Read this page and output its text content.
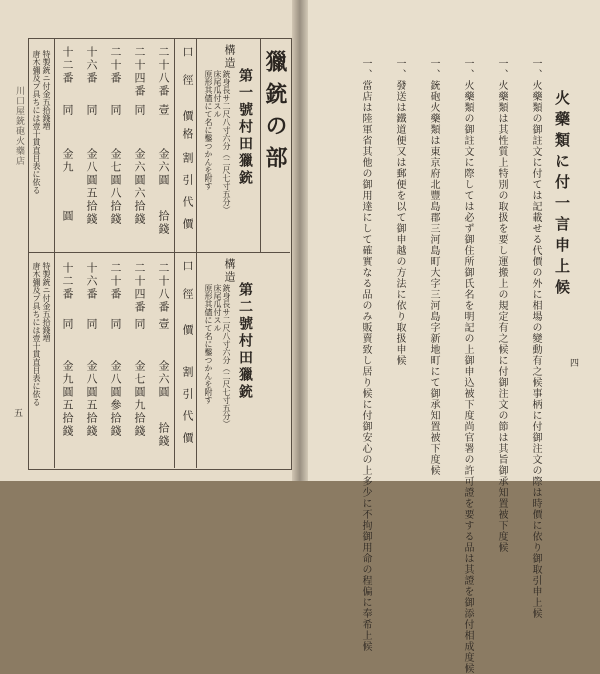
川口屋銃砲火藥店
五
獵銃の部
第一號村田獵銃
構造
銃身長サ二尺八寸六分（二尺七寸五分）
床尾瓜付スル
原形其儘にて名に鑿つかんを附す
口
徑
價
格
割
引
代
價
二十八番
壹
金六圓
拾錢
二十四番
同
金六圓六拾錢
二十番
同
金七圓八拾錢
十六番
同
金八圓五拾錢
十二番
同
金九
圓
特製銃ニ付金五拾錢増
唐木彌及プ具ちには壹十貫直目表に依る
第二號村田獵銃
構造
銃身長サ二尺八寸六分（二尺七寸五分）
床尾瓜付スル
原形其儘にて名に鑿つかんを附す
口
徑
價
割
引
代
價
二十八番
壹
金六圓
拾錢
二十四番
同
金七圓九拾錢
二十番
同
金八圓參拾錢
十六番
同
金八圓五拾錢
十二番
同
金九圓五拾錢
特製銃ニ付金五拾錢増
唐木彌及プ具ちには壹十貫直目表に依る
火藥類に付一言申上候
一、火藥類の御註文に付ては記載せる代價の外に相場の變動有之候事柄に付御注文の際は時價に依り御取引申上候
一、火藥類は其性質上特別の取扱を要し運搬上の規定有之候に付御注文の節は其旨御承知置被下度候
一、火藥類の御註文に際しては必ず御住所御氏名を明記の上御申込被下度尚官署の許可證を要する品は其證を御添付相成度候
一、銃砲火藥類は東京府北豐島郡三河島町大字三河島字新地町にて御承知置被下度候
一、發送は鐵道便又は郵便を以て御申越の方法に依り取扱申候
一、當店は陸軍省其他の御用達にして確實なる品のみ販賣致し居り候に付御安心の上多少に不拘御用命の程偏に奉希上候	四
